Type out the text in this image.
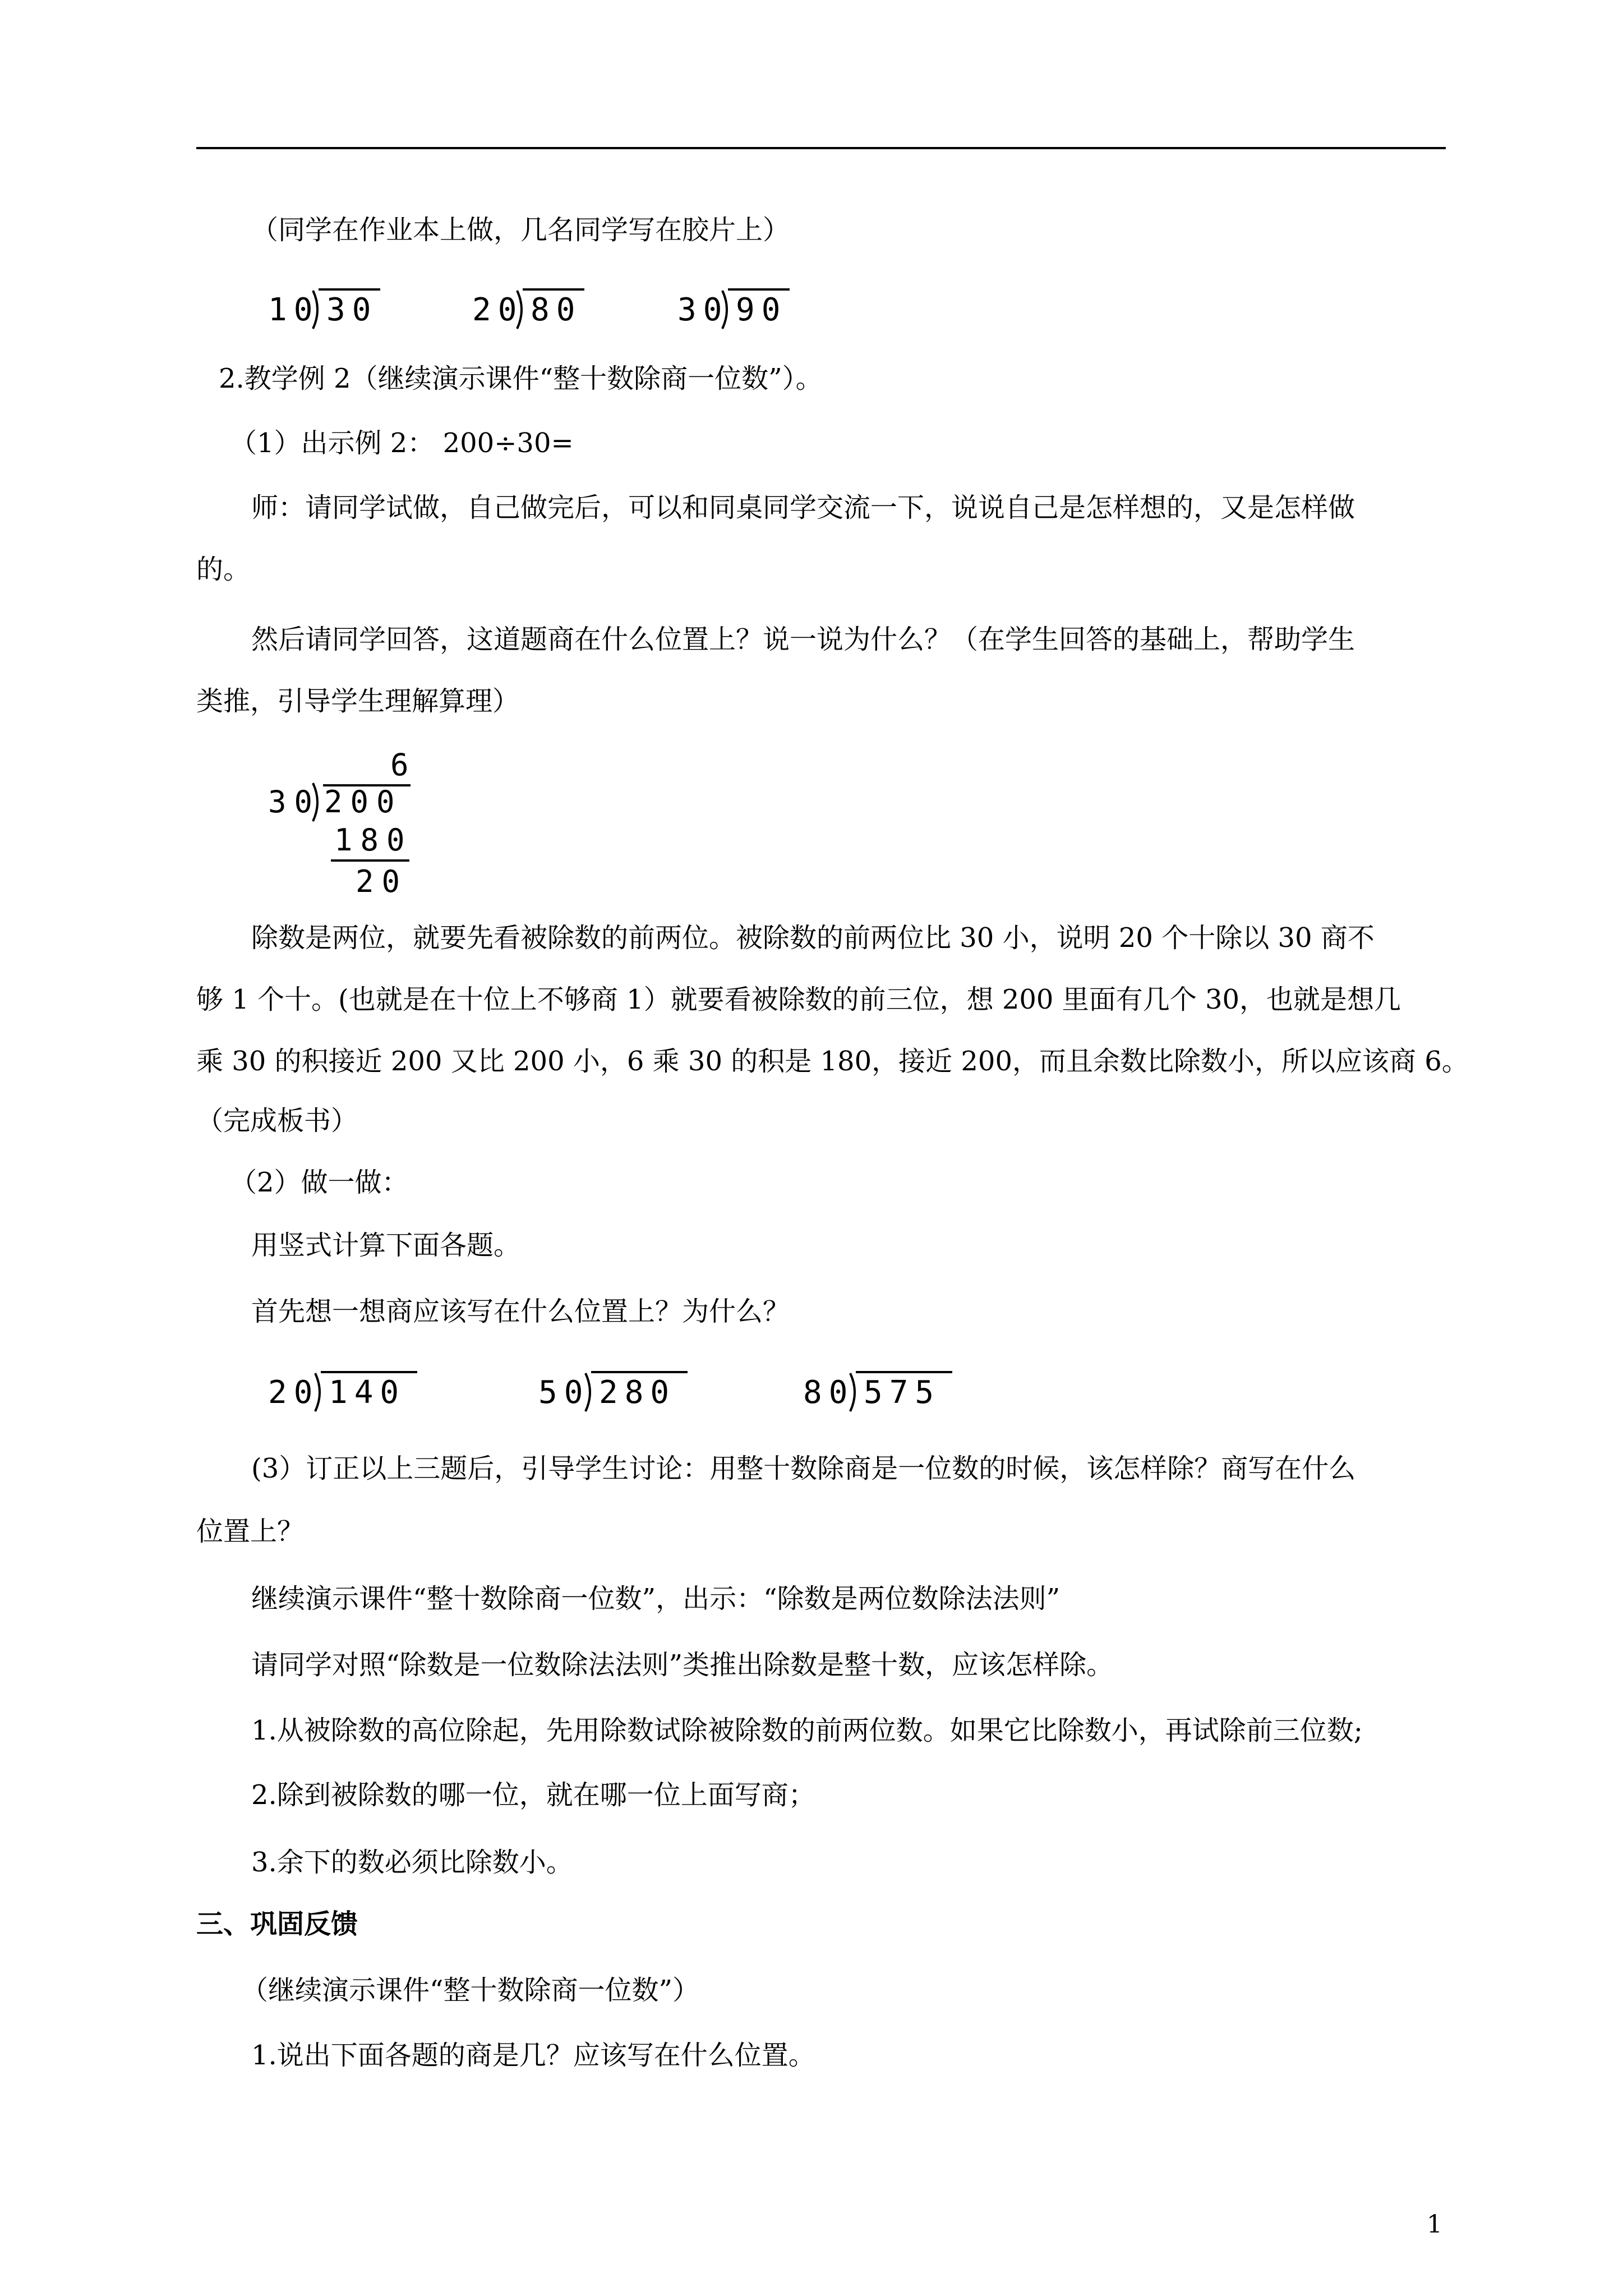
（同学在作业本上做，几名同学写在胶片上）
10 30	20 80	30 90
2.教学例 2（继续演示课件“整十数除商一位数”）。
（1）出示例 2： 200÷30=
师：请同学试做，自己做完后，可以和同桌同学交流一下，说说自己是怎样想的，又是怎样做
的。
然后请同学回答，这道题商在什么位置上？说一说为什么？（在学生回答的基础上，帮助学生
类推，引导学生理解算理）
6
30 200
180
20
除数是两位，就要先看被除数的前两位。被除数的前两位比 30 小，说明 20 个十除以 30 商不
够 1 个十。(也就是在十位上不够商 1）就要看被除数的前三位，想 200 里面有几个 30，也就是想几
乘 30 的积接近 200 又比 200 小，6 乘 30 的积是 180，接近 200，而且余数比除数小，所以应该商 6。
（完成板书）
（2）做一做：
用竖式计算下面各题。
首先想一想商应该写在什么位置上？为什么？
20 140	50 280	80 575
(3）订正以上三题后，引导学生讨论：用整十数除商是一位数的时候，该怎样除？商写在什么
位置上？
继续演示课件“整十数除商一位数”，出示：“除数是两位数除法法则”
请同学对照“除数是一位数除法法则”类推出除数是整十数，应该怎样除。
1.从被除数的高位除起，先用除数试除被除数的前两位数。如果它比除数小，再试除前三位数;
2.除到被除数的哪一位，就在哪一位上面写商；
3.余下的数必须比除数小。
三、巩固反馈
（继续演示课件“整十数除商一位数”）
1.说出下面各题的商是几？应该写在什么位置。
1
